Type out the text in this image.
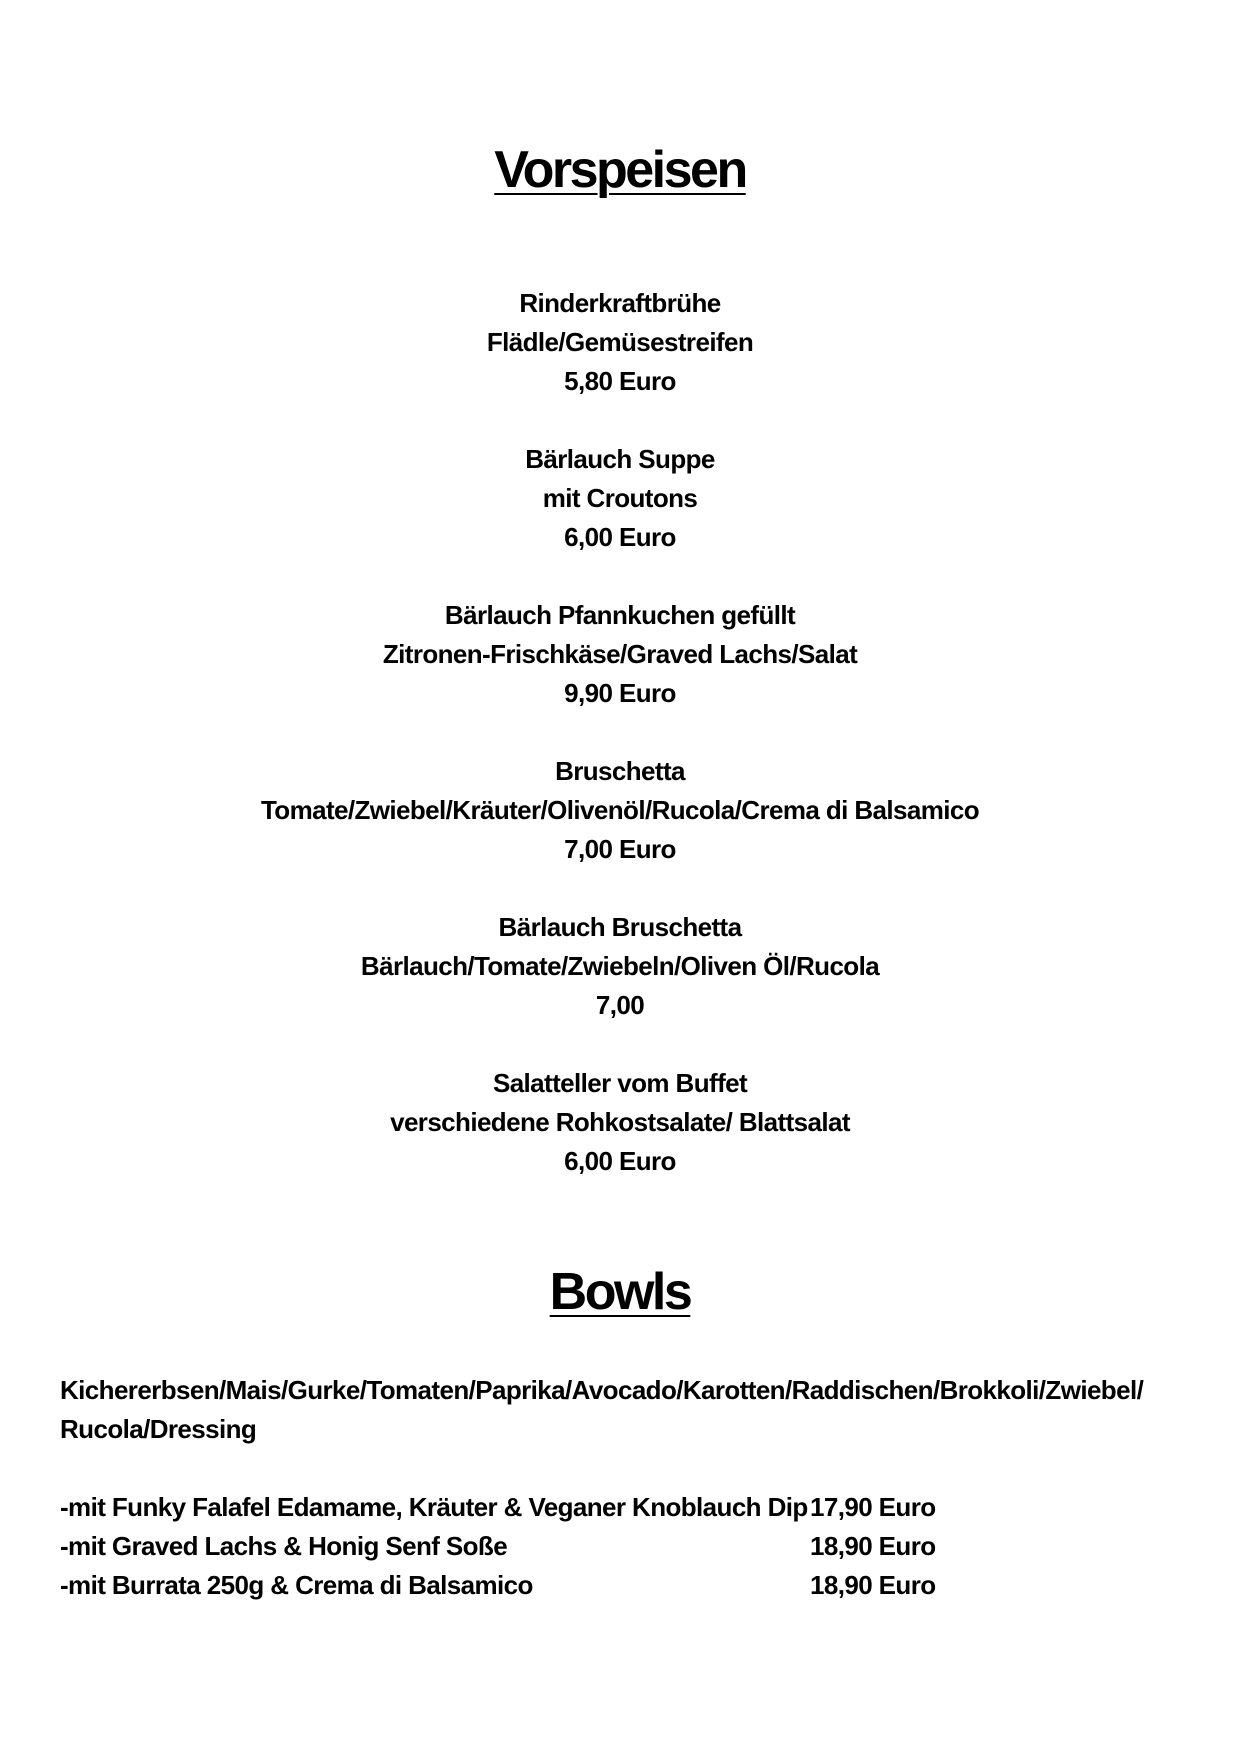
Vorspeisen
Rinderkraftbrühe
Flädle/Gemüsestreifen
5,80 Euro
Bärlauch Suppe
mit Croutons
6,00 Euro
Bärlauch Pfannkuchen gefüllt
Zitronen-Frischkäse/Graved Lachs/Salat
9,90 Euro
Bruschetta
Tomate/Zwiebel/Kräuter/Olivenöl/Rucola/Crema di Balsamico
7,00 Euro
Bärlauch Bruschetta
Bärlauch/Tomate/Zwiebeln/Oliven Öl/Rucola
7,00
Salatteller vom Buffet
verschiedene Rohkostsalate/ Blattsalat
6,00 Euro
Bowls

Kichererbsen/Mais/Gurke/Tomaten/Paprika/Avocado/Karotten/Raddischen/Brokkoli/Zwiebel/ Rucola/Dressing

-mit Funky Falafel Edamame, Kräuter & Veganer Knoblauch Dip 17,90 Euro
-mit Graved Lachs & Honig Senf Soße	18,90 Euro
-mit Burrata 250g & Crema di Balsamico	18,90 Euro
